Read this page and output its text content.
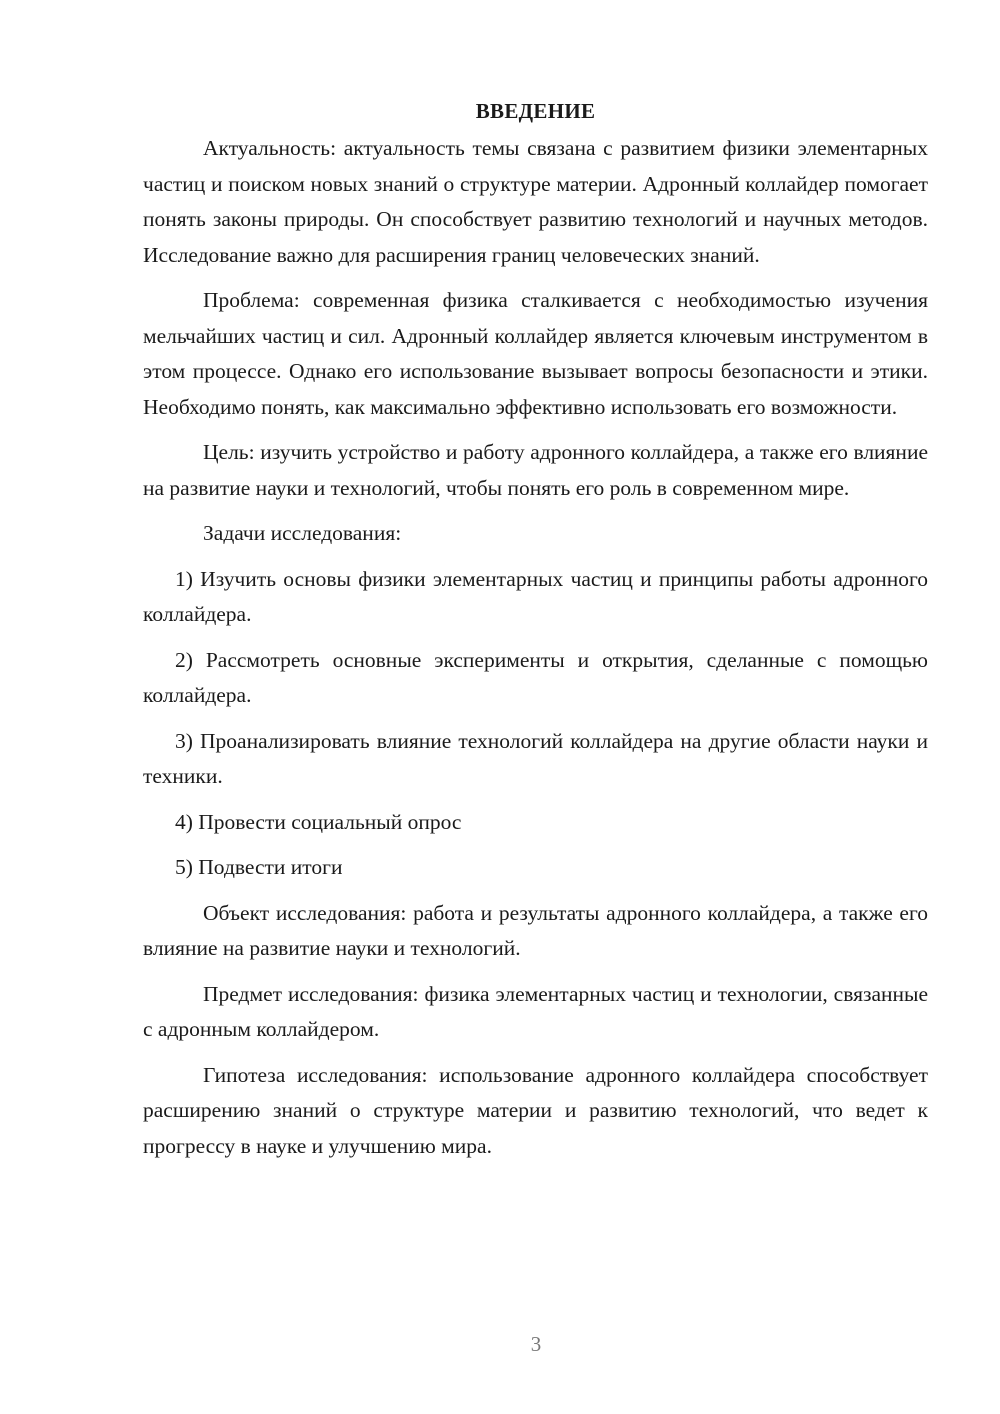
ВВЕДЕНИЕ

Актуальность: актуальность темы связана с развитием физики элементарных частиц и поиском новых знаний о структуре материи. Адронный коллайдер помогает понять законы природы. Он способствует развитию технологий и научных методов. Исследование важно для расширения границ человеческих знаний.

Проблема: современная физика сталкивается с необходимостью изучения мельчайших частиц и сил. Адронный коллайдер является ключевым инструментом в этом процессе. Однако его использование вызывает вопросы безопасности и этики. Необходимо понять, как максимально эффективно использовать его возможности.

Цель: изучить устройство и работу адронного коллайдера, а также его влияние на развитие науки и технологий, чтобы понять его роль в современном мире.

Задачи исследования:

1) Изучить основы физики элементарных частиц и принципы работы адронного коллайдера.

2) Рассмотреть основные эксперименты и открытия, сделанные с помощью коллайдера.

3) Проанализировать влияние технологий коллайдера на другие области науки и техники.

4) Провести социальный опрос

5) Подвести итоги

Объект исследования: работа и результаты адронного коллайдера, а также его влияние на развитие науки и технологий.

Предмет исследования: физика элементарных частиц и технологии, связанные с адронным коллайдером.

Гипотеза исследования: использование адронного коллайдера способствует расширению знаний о структуре материи и развитию технологий, что ведет к прогрессу в науке и улучшению мира.

3
